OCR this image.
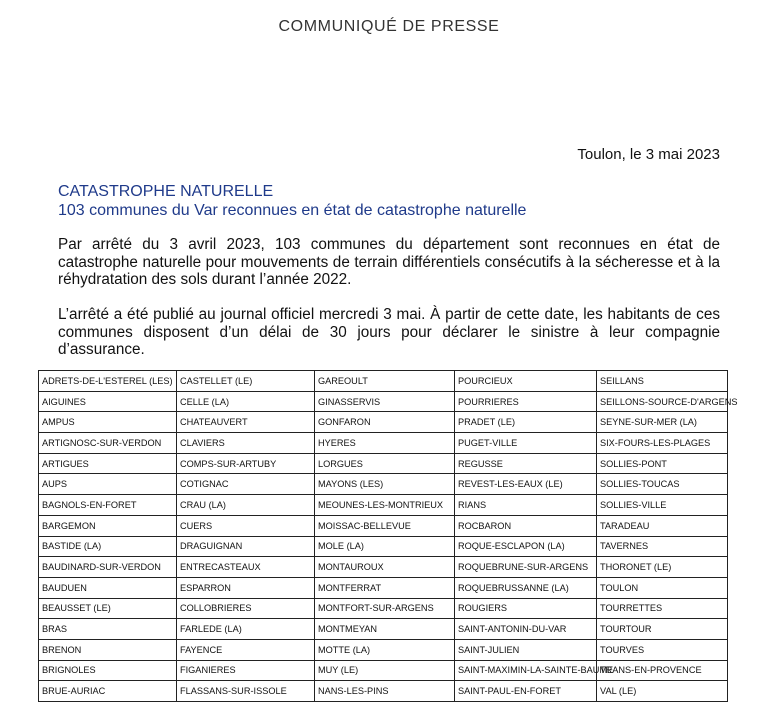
COMMUNIQUÉ DE PRESSE
Toulon, le 3 mai 2023
CATASTROPHE NATURELLE
103 communes du Var reconnues en état de catastrophe naturelle
Par arrêté du 3 avril 2023, 103 communes du département sont reconnues en état de catastrophe naturelle pour mouvements de terrain différentiels consécutifs à la sécheresse et à la réhydratation des sols durant l’année 2022.
L’arrêté a été publié au journal officiel mercredi 3 mai. À partir de cette date, les habitants de ces communes disposent d’un délai de 30 jours pour déclarer le sinistre à leur compagnie d’assurance.
ADRETS-DE-L'ESTEREL (LES)	CASTELLET (LE)	GAREOULT	POURCIEUX	SEILLANS
AIGUINES	CELLE (LA)	GINASSERVIS	POURRIERES	SEILLONS-SOURCE-D'ARGENS
AMPUS	CHATEAUVERT	GONFARON	PRADET (LE)	SEYNE-SUR-MER (LA)
ARTIGNOSC-SUR-VERDON	CLAVIERS	HYERES	PUGET-VILLE	SIX-FOURS-LES-PLAGES
ARTIGUES	COMPS-SUR-ARTUBY	LORGUES	REGUSSE	SOLLIES-PONT
AUPS	COTIGNAC	MAYONS (LES)	REVEST-LES-EAUX (LE)	SOLLIES-TOUCAS
BAGNOLS-EN-FORET	CRAU (LA)	MEOUNES-LES-MONTRIEUX	RIANS	SOLLIES-VILLE
BARGEMON	CUERS	MOISSAC-BELLEVUE	ROCBARON	TARADEAU
BASTIDE (LA)	DRAGUIGNAN	MOLE (LA)	ROQUE-ESCLAPON (LA)	TAVERNES
BAUDINARD-SUR-VERDON	ENTRECASTEAUX	MONTAUROUX	ROQUEBRUNE-SUR-ARGENS	THORONET (LE)
BAUDUEN	ESPARRON	MONTFERRAT	ROQUEBRUSSANNE (LA)	TOULON
BEAUSSET (LE)	COLLOBRIERES	MONTFORT-SUR-ARGENS	ROUGIERS	TOURRETTES
BRAS	FARLEDE (LA)	MONTMEYAN	SAINT-ANTONIN-DU-VAR	TOURTOUR
BRENON	FAYENCE	MOTTE (LA)	SAINT-JULIEN	TOURVES
BRIGNOLES	FIGANIERES	MUY (LE)	SAINT-MAXIMIN-LA-SAINTE-BAUME	TRANS-EN-PROVENCE
BRUE-AURIAC	FLASSANS-SUR-ISSOLE	NANS-LES-PINS	SAINT-PAUL-EN-FORET	VAL (LE)
